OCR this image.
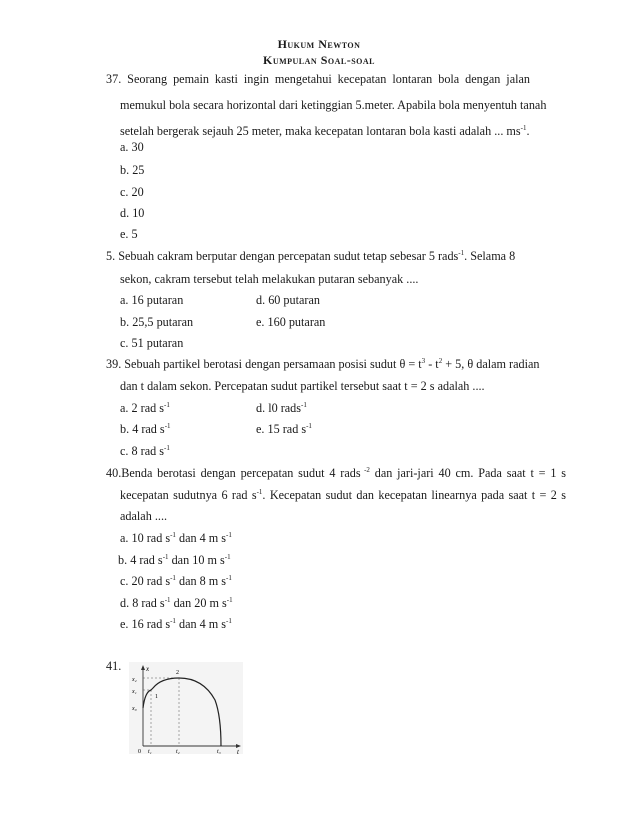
Hukum Newton
Kumpulan Soal-soal
37. Seorang pemain kasti ingin mengetahui kecepatan lontaran bola dengan jalan
memukul bola secara horizontal dari ketinggian 5.meter. Apabila bola menyentuh tanah
setelah bergerak sejauh 25 meter, maka kecepatan lontaran bola kasti adalah ... $ms^{-1}$.
a. 30
b. 25
c. 20
d. 10
e. 5
5. Sebuah cakram berputar dengan percepatan sudut tetap sebesar 5 rads$^{-1}$. Selama 8
sekon, cakram tersebut telah melakukan putaran sebanyak ....
a. 16 putaran	d. 60 putaran
b. 25,5 putaran	e. 160 putaran
c. 51 putaran
39. Sebuah partikel berotasi dengan persamaan posisi sudut $\theta = t^3 - t^2 + 5$, θ dalam radian
dan t dalam sekon. Percepatan sudut partikel tersebut saat t = 2 s adalah ....
a. 2 rad $s^{-1}$	d. l0 rads$^{-1}$
b. 4 rad $s^{-1}$	e. 15 rad $s^{-1}$
c. 8 rad $s^{-1}$
40.Benda berotasi dengan percepatan sudut 4 rads $^{-2}$ dan jari-jari 40 cm. Pada saat t = 1 s
kecepatan sudutnya 6 rad $s^{-1}$. Kecepatan sudut dan kecepatan linearnya pada saat t = 2 s
adalah ....
a. 10 rad $s^{-1}$ dan 4 m $s^{-1}$
b. 4 rad $s^{-1}$ dan 10 m $s^{-1}$
c. 20 rad $s^{-1}$ dan 8 m $s^{-1}$
d. 8 rad $s^{-1}$ dan 20 m $s^{-1}$
e. 16 rad $s^{-1}$ dan 4 m $s^{-1}$
41.	x
t
0
x₂
x₁
x₀
t₁	t₂	t₃
1
2
